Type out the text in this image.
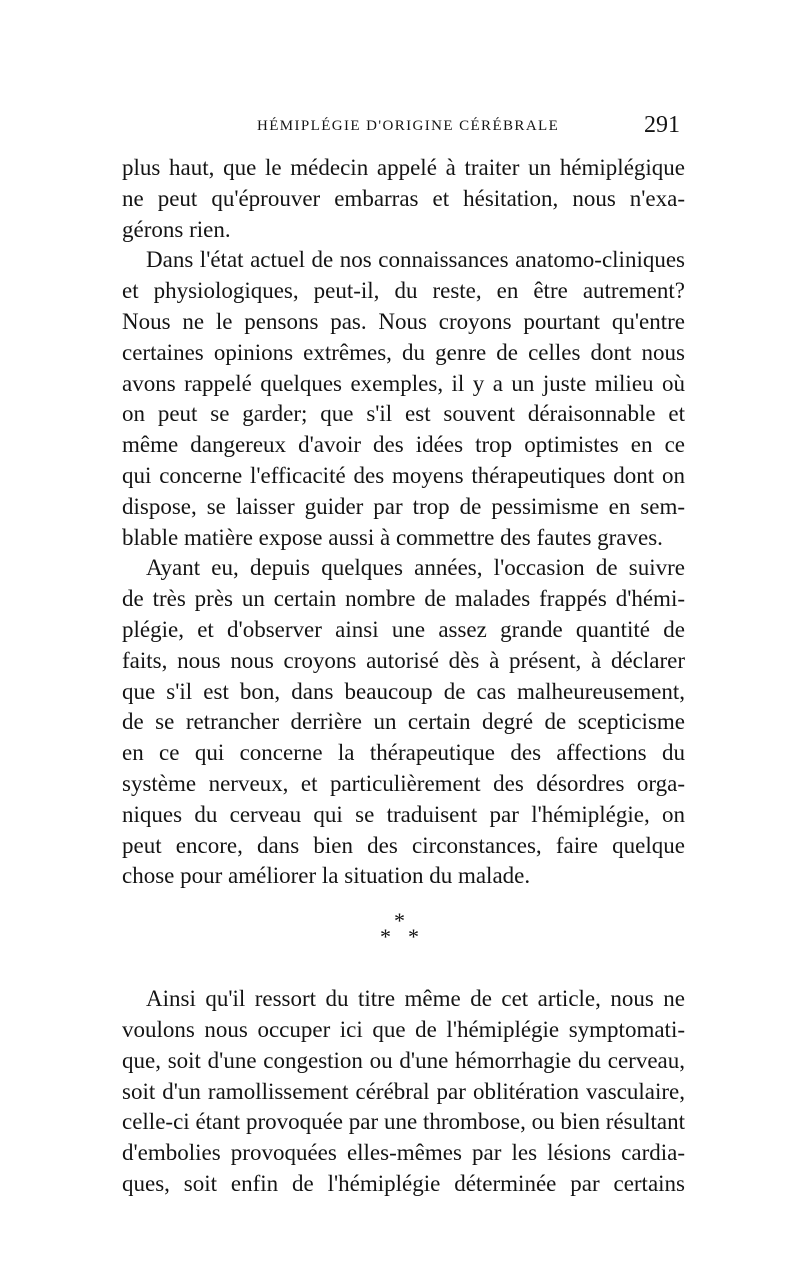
HÉMIPLÉGIE D'ORIGINE CÉRÉBRALE	291
plus haut, que le médecin appelé à traiter un hémiplégique
ne peut qu'éprouver embarras et hésitation, nous n'exa-
gérons rien.
Dans l'état actuel de nos connaissances anatomo-cliniques
et physiologiques, peut-il, du reste, en être autrement?
Nous ne le pensons pas. Nous croyons pourtant qu'entre
certaines opinions extrêmes, du genre de celles dont nous
avons rappelé quelques exemples, il y a un juste milieu où
on peut se garder; que s'il est souvent déraisonnable et
même dangereux d'avoir des idées trop optimistes en ce
qui concerne l'efficacité des moyens thérapeutiques dont on
dispose, se laisser guider par trop de pessimisme en sem-
blable matière expose aussi à commettre des fautes graves.
Ayant eu, depuis quelques années, l'occasion de suivre
de très près un certain nombre de malades frappés d'hémi-
plégie, et d'observer ainsi une assez grande quantité de
faits, nous nous croyons autorisé dès à présent, à déclarer
que s'il est bon, dans beaucoup de cas malheureusement,
de se retrancher derrière un certain degré de scepticisme
en ce qui concerne la thérapeutique des affections du
système nerveux, et particulièrement des désordres orga-
niques du cerveau qui se traduisent par l'hémiplégie, on
peut encore, dans bien des circonstances, faire quelque
chose pour améliorer la situation du malade.
*
* *
Ainsi qu'il ressort du titre même de cet article, nous ne
voulons nous occuper ici que de l'hémiplégie symptomati-
que, soit d'une congestion ou d'une hémorrhagie du cerveau,
soit d'un ramollissement cérébral par oblitération vasculaire,
celle-ci étant provoquée par une thrombose, ou bien résultant
d'embolies provoquées elles-mêmes par les lésions cardia-
ques, soit enfin de l'hémiplégie déterminée par certains
